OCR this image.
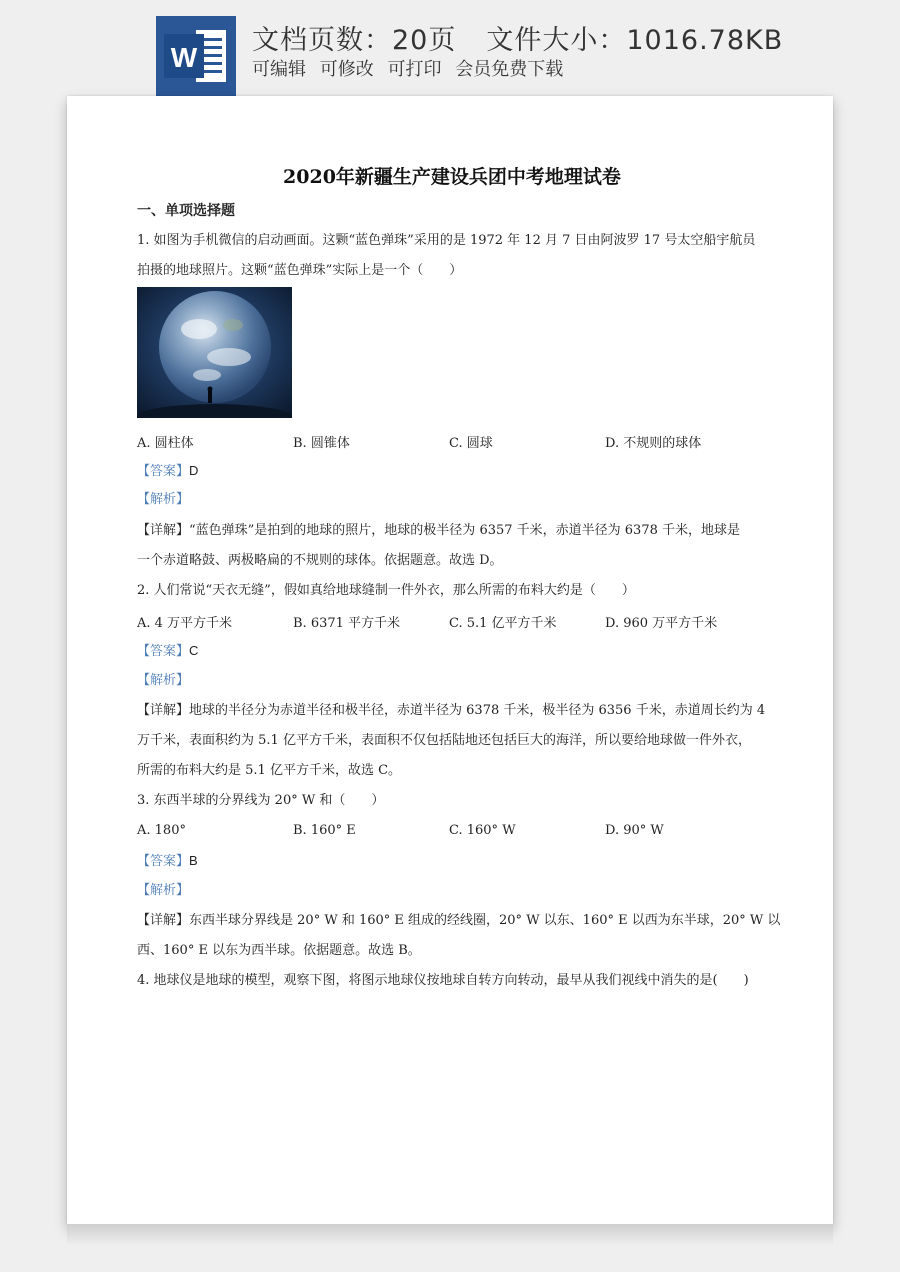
W
文档页数：20页 文件大小：1016.78KB
可编辑 可修改 可打印 会员免费下载
2020年新疆生产建设兵团中考地理试卷
一、单项选择题
1. 如图为手机微信的启动画面。这颗“蓝色弹珠”采用的是 1972 年 12 月 7 日由阿波罗 17 号太空船宇航员
拍摄的地球照片。这颗“蓝色弹珠”实际上是一个（　　）
A. 圆柱体	B. 圆锥体	C. 圆球	D. 不规则的球体
【答案】D
【解析】
【详解】“蓝色弹珠”是拍到的地球的照片，地球的极半径为 6357 千米，赤道半径为 6378 千米，地球是
一个赤道略鼓、两极略扁的不规则的球体。依据题意。故选 D。
2. 人们常说“天衣无缝”，假如真给地球缝制一件外衣，那么所需的布料大约是（　　）
A. 4 万平方千米	B. 6371 平方千米	C. 5.1 亿平方千米	D. 960 万平方千米
【答案】C
【解析】
【详解】地球的半径分为赤道半径和极半径，赤道半径为 6378 千米，极半径为 6356 千米，赤道周长约为 4
万千米，表面积约为 5.1 亿平方千米，表面积不仅包括陆地还包括巨大的海洋，所以要给地球做一件外衣，
所需的布料大约是 5.1 亿平方千米，故选 C。
3. 东西半球的分界线为 20° W 和（　　）
A. 180°	B. 160° E	C. 160° W	D. 90° W
【答案】B
【解析】
【详解】东西半球分界线是 20° W 和 160° E 组成的经线圈，20° W 以东、160° E 以西为东半球，20° W 以
西、160° E 以东为西半球。依据题意。故选 B。
4. 地球仪是地球的模型，观察下图，将图示地球仪按地球自转方向转动，最早从我们视线中消失的是(　　)
